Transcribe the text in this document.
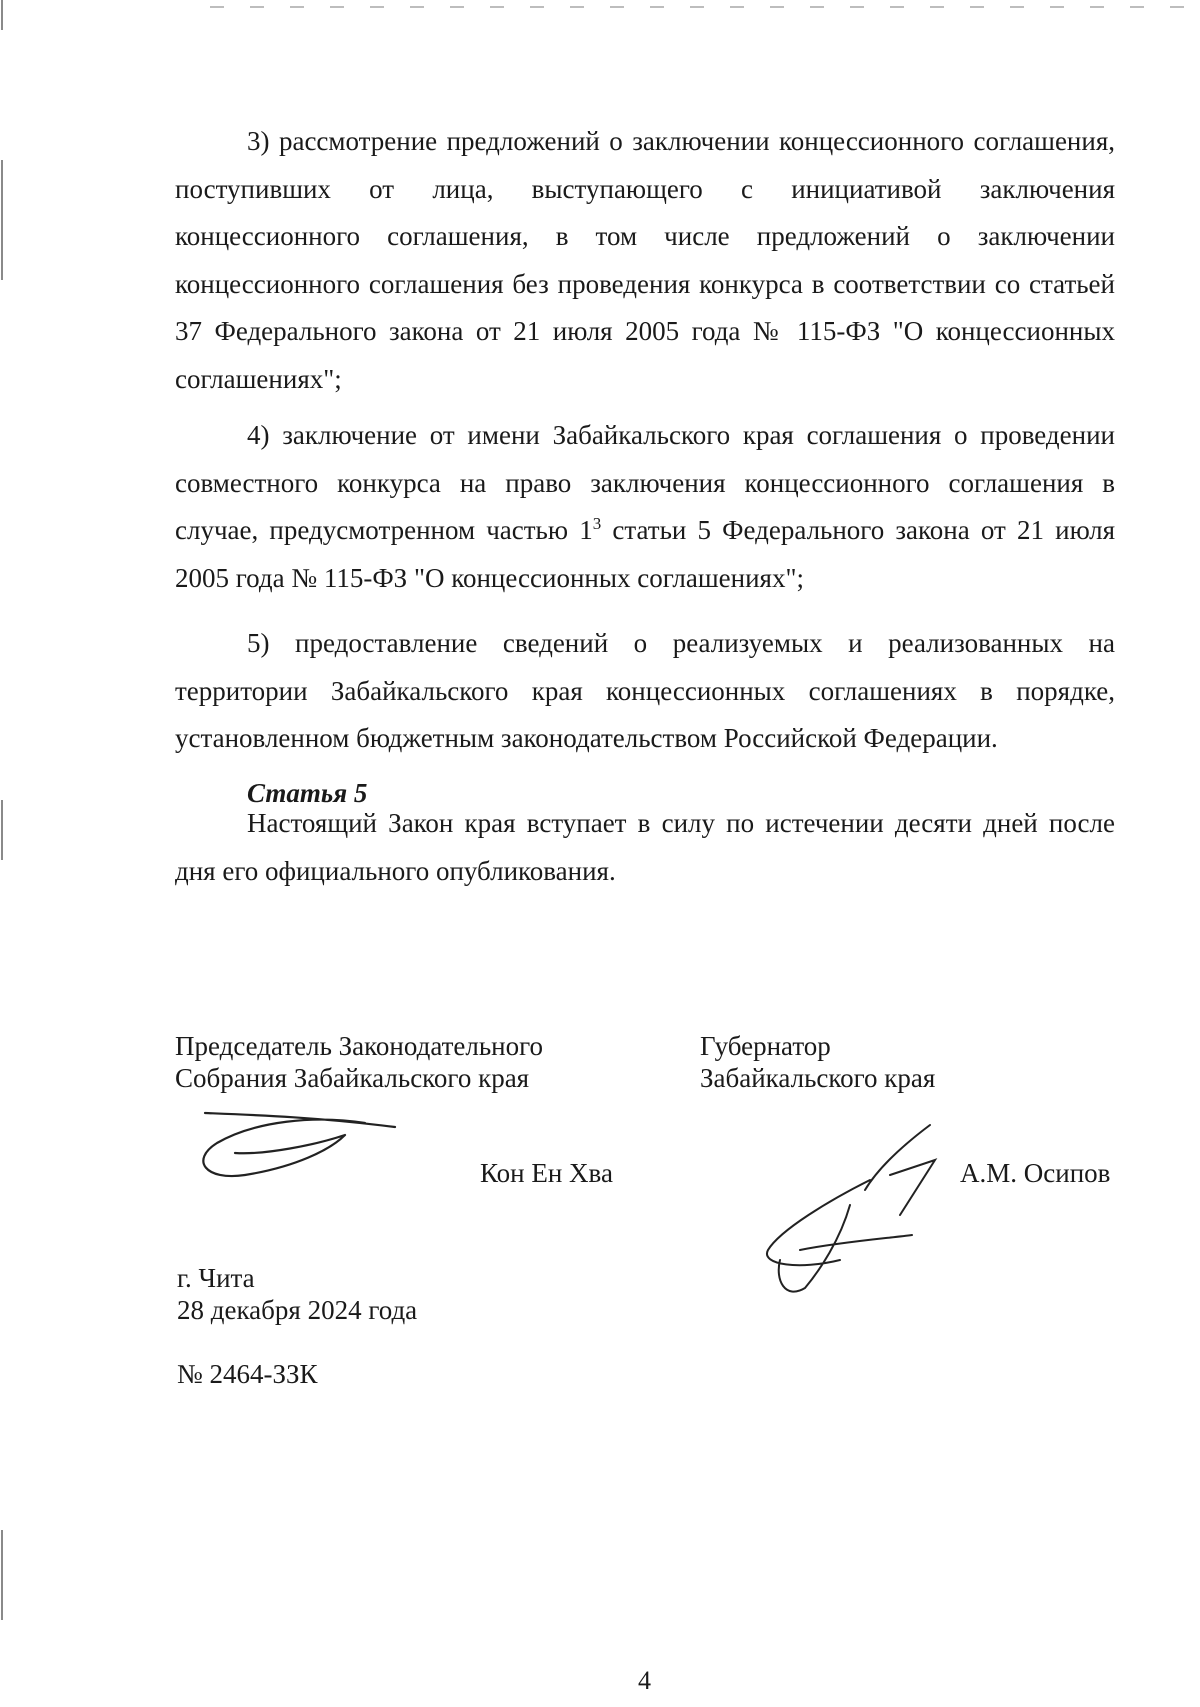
3) рассмотрение предложений о заключении концессионного соглашения, поступивших от лица, выступающего с инициативой заключения концессионного соглашения, в том числе предложений о заключении концессионного соглашения без проведения конкурса в соответствии со статьей 37 Федерального закона от 21 июля 2005 года № 115-ФЗ "О концессионных соглашениях";

4) заключение от имени Забайкальского края соглашения о проведении совместного конкурса на право заключения концессионного соглашения в случае, предусмотренном частью $1^3$ статьи 5 Федерального закона от 21 июля 2005 года № 115-ФЗ "О концессионных соглашениях";

5) предоставление сведений о реализуемых и реализованных на территории Забайкальского края концессионных соглашениях в порядке, установленном бюджетным законодательством Российской Федерации.

Статья 5

Настоящий Закон края вступает в силу по истечении десяти дней после дня его официального опубликования.

Председатель Законодательного
Собрания Забайкальского края
Губернатор
Забайкальского края

Кон Ен Хва	А.М. Осипов

г. Чита
28 декабря 2024 года
№ 2464-ЗЗК

4
